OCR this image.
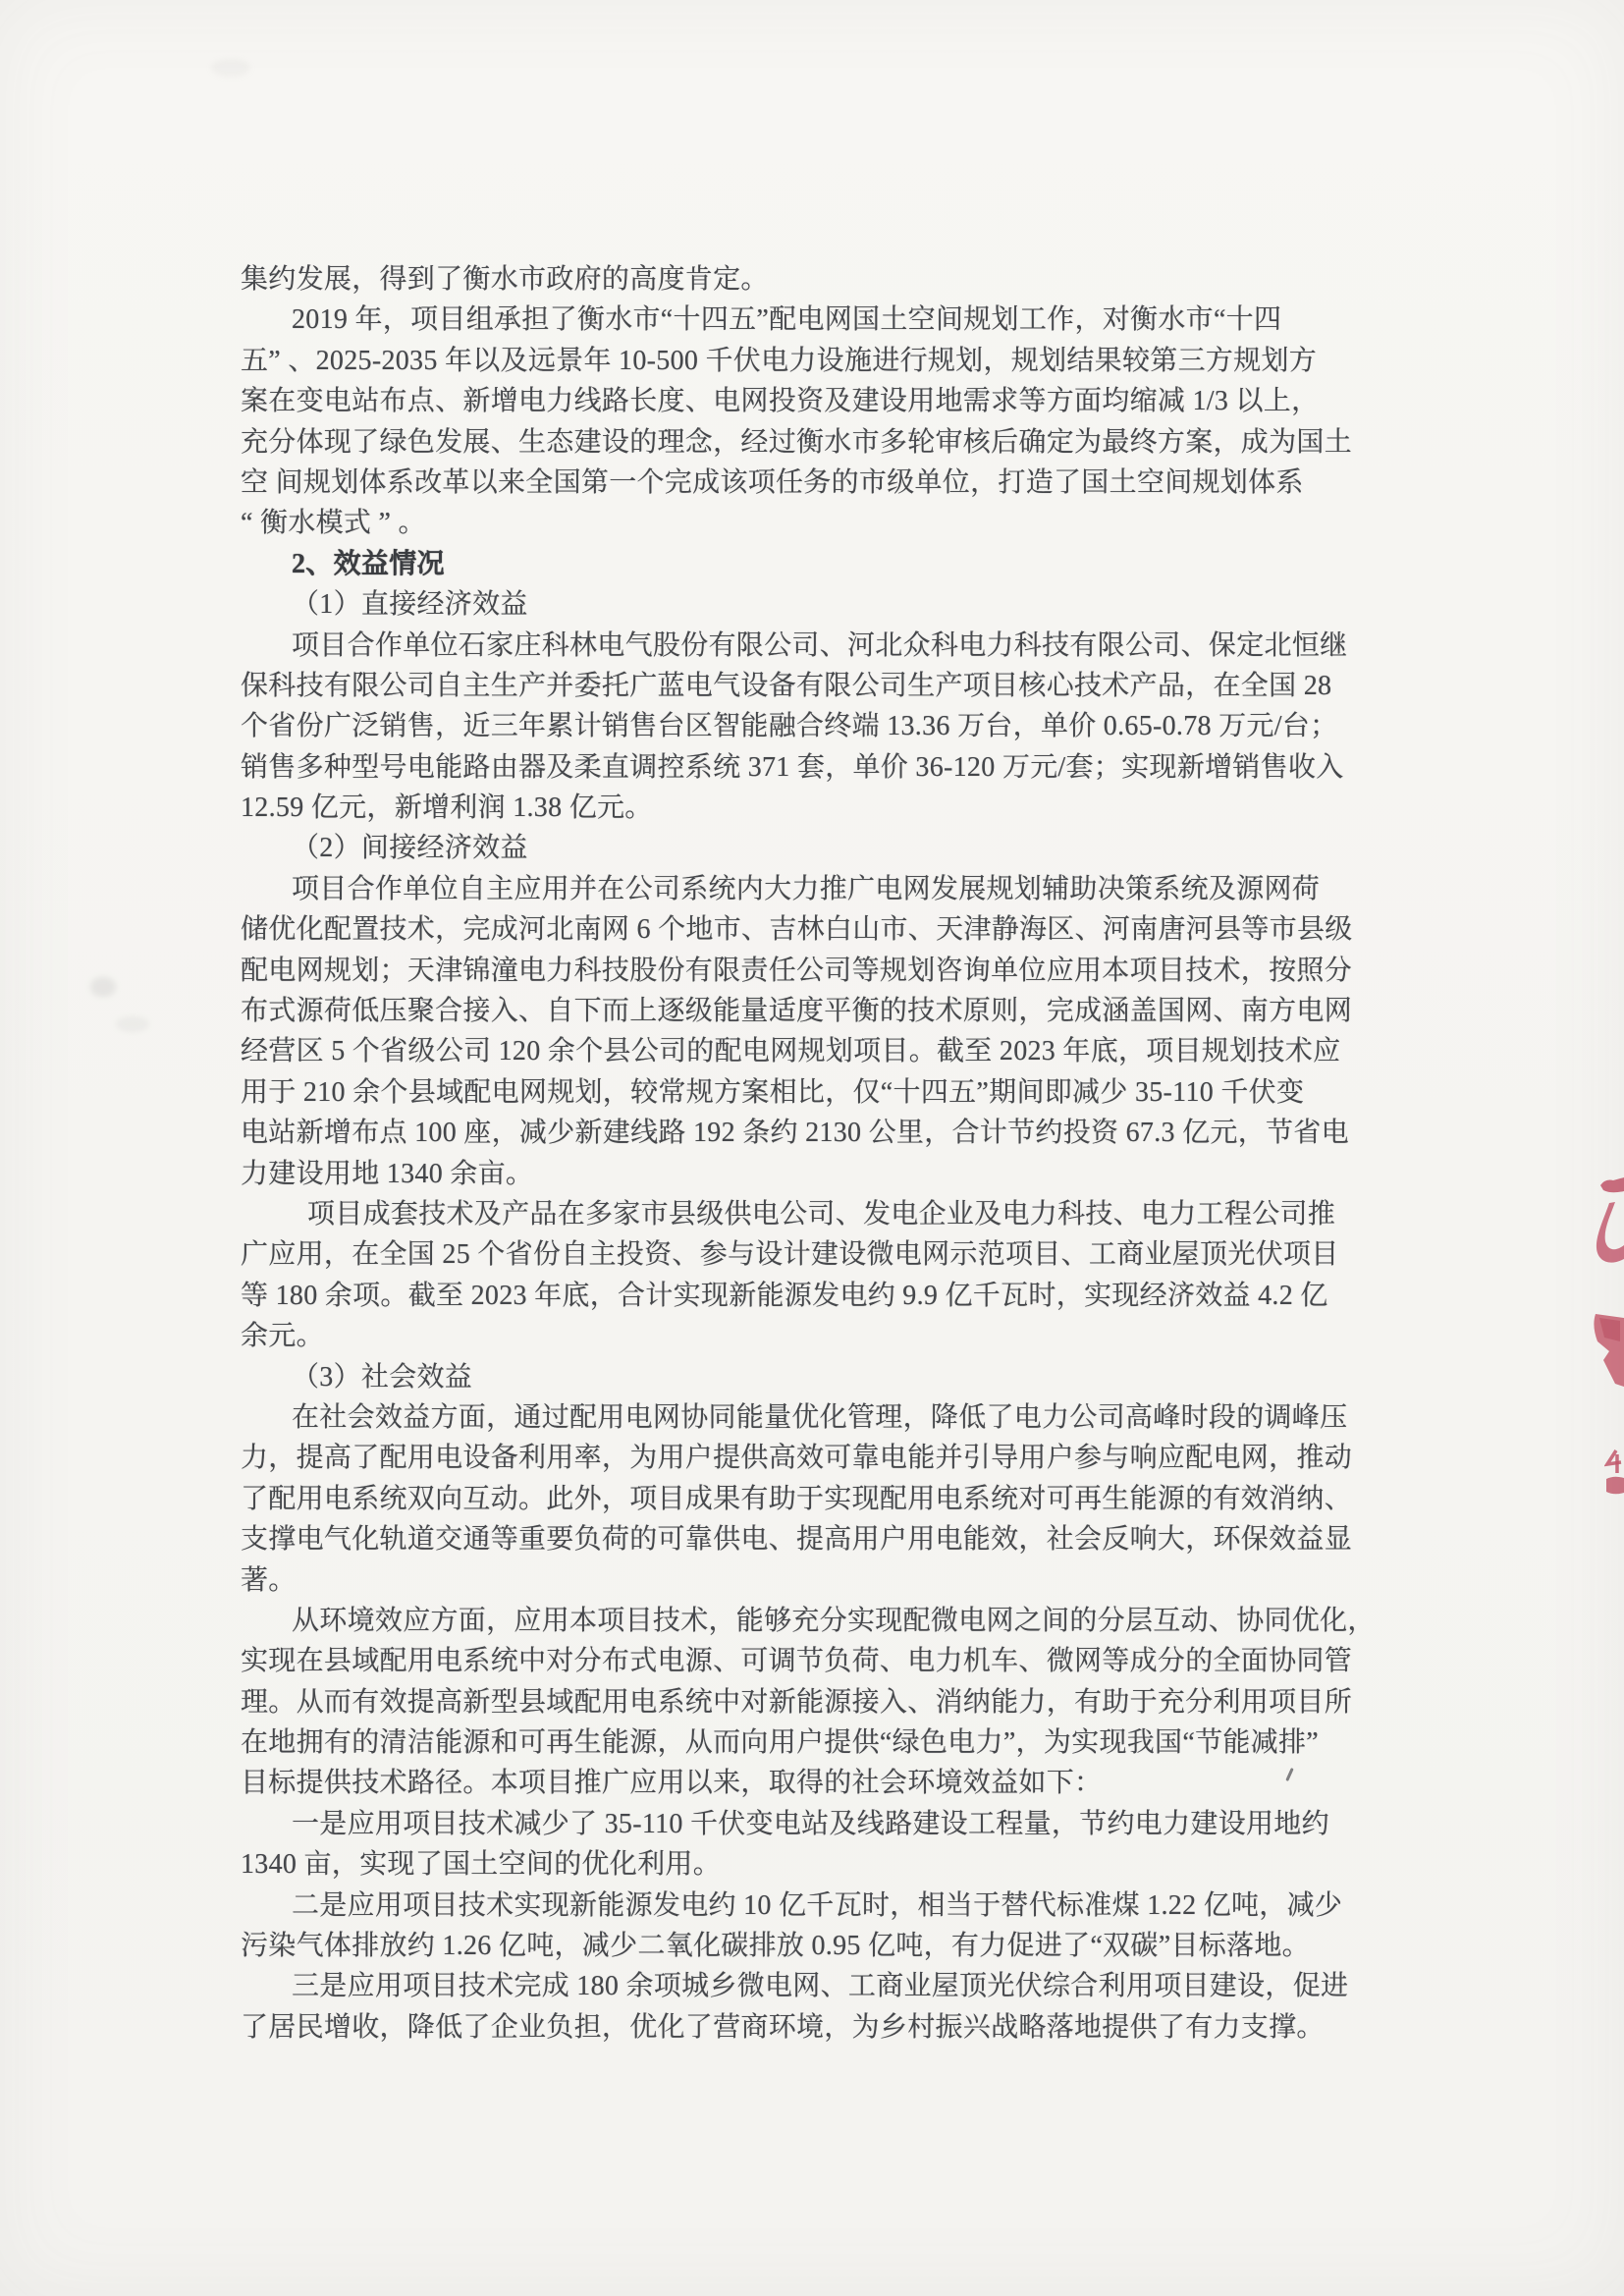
集约发展，得到了衡水市政府的高度肯定。
2019 年，项目组承担了衡水市“十四五”配电网国土空间规划工作，对衡水市“十四
五” 、2025-2035 年以及远景年 10-500 千伏电力设施进行规划，规划结果较第三方规划方
案在变电站布点、新增电力线路长度、电网投资及建设用地需求等方面均缩减 1/3 以上，
充分体现了绿色发展、生态建设的理念，经过衡水市多轮审核后确定为最终方案，成为国土
空 间规划体系改革以来全国第一个完成该项任务的市级单位，打造了国土空间规划体系
“ 衡水模式 ” 。
2、效益情况
（1）直接经济效益
项目合作单位石家庄科林电气股份有限公司、河北众科电力科技有限公司、保定北恒继
保科技有限公司自主生产并委托广蓝电气设备有限公司生产项目核心技术产品，在全国 28
个省份广泛销售，近三年累计销售台区智能融合终端 13.36 万台，单价 0.65-0.78 万元/台；
销售多种型号电能路由器及柔直调控系统 371 套，单价 36-120 万元/套；实现新增销售收入
12.59 亿元，新增利润 1.38 亿元。
（2）间接经济效益
项目合作单位自主应用并在公司系统内大力推广电网发展规划辅助决策系统及源网荷
储优化配置技术，完成河北南网 6 个地市、吉林白山市、天津静海区、河南唐河县等市县级
配电网规划；天津锦潼电力科技股份有限责任公司等规划咨询单位应用本项目技术，按照分
布式源荷低压聚合接入、自下而上逐级能量适度平衡的技术原则，完成涵盖国网、南方电网
经营区 5 个省级公司 120 余个县公司的配电网规划项目。截至 2023 年底，项目规划技术应
用于 210 余个县域配电网规划，较常规方案相比，仅“十四五”期间即减少 35-110 千伏变
电站新增布点 100 座，减少新建线路 192 条约 2130 公里，合计节约投资 67.3 亿元，节省电
力建设用地 1340 余亩。
项目成套技术及产品在多家市县级供电公司、发电企业及电力科技、电力工程公司推
广应用，在全国 25 个省份自主投资、参与设计建设微电网示范项目、工商业屋顶光伏项目
等 180 余项。截至 2023 年底，合计实现新能源发电约 9.9 亿千瓦时，实现经济效益 4.2 亿
余元。
（3）社会效益
在社会效益方面，通过配用电网协同能量优化管理，降低了电力公司高峰时段的调峰压
力，提高了配用电设备利用率，为用户提供高效可靠电能并引导用户参与响应配电网，推动
了配用电系统双向互动。此外，项目成果有助于实现配用电系统对可再生能源的有效消纳、
支撑电气化轨道交通等重要负荷的可靠供电、提高用户用电能效，社会反响大，环保效益显
著。
从环境效应方面，应用本项目技术，能够充分实现配微电网之间的分层互动、协同优化，
实现在县域配用电系统中对分布式电源、可调节负荷、电力机车、微网等成分的全面协同管
理。从而有效提高新型县域配用电系统中对新能源接入、消纳能力，有助于充分利用项目所
在地拥有的清洁能源和可再生能源，从而向用户提供“绿色电力”，为实现我国“节能减排”
目标提供技术路径。本项目推广应用以来，取得的社会环境效益如下：
一是应用项目技术减少了 35-110 千伏变电站及线路建设工程量，节约电力建设用地约
1340 亩，实现了国土空间的优化利用。
二是应用项目技术实现新能源发电约 10 亿千瓦时，相当于替代标准煤 1.22 亿吨，减少
污染气体排放约 1.26 亿吨，减少二氧化碳排放 0.95 亿吨，有力促进了“双碳”目标落地。
三是应用项目技术完成 180 余项城乡微电网、工商业屋顶光伏综合利用项目建设，促进
了居民增收，降低了企业负担，优化了营商环境，为乡村振兴战略落地提供了有力支撑。
